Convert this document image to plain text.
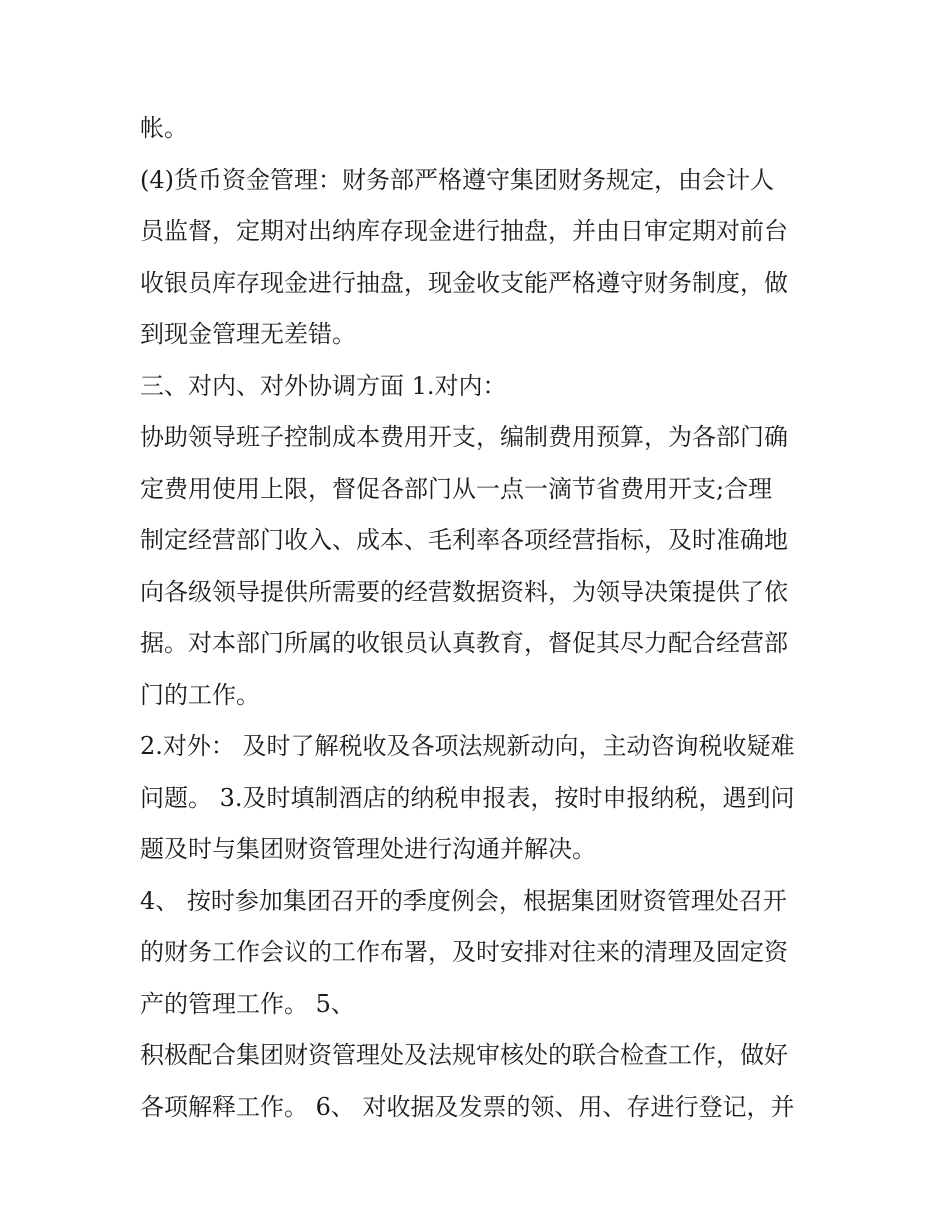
帐。
(4)货币资金管理：财务部严格遵守集团财务规定，由会计人
员监督，定期对出纳库存现金进行抽盘，并由日审定期对前台
收银员库存现金进行抽盘，现金收支能严格遵守财务制度，做
到现金管理无差错。
三、对内、对外协调方面 1.对内：
协助领导班子控制成本费用开支，编制费用预算，为各部门确
定费用使用上限，督促各部门从一点一滴节省费用开支;合理
制定经营部门收入、成本、毛利率各项经营指标，及时准确地
向各级领导提供所需要的经营数据资料，为领导决策提供了依
据。对本部门所属的收银员认真教育，督促其尽力配合经营部
门的工作。
2.对外： 及时了解税收及各项法规新动向，主动咨询税收疑难
问题。 3.及时填制酒店的纳税申报表，按时申报纳税，遇到问
题及时与集团财资管理处进行沟通并解决。
4、 按时参加集团召开的季度例会，根据集团财资管理处召开
的财务工作会议的工作布署，及时安排对往来的清理及固定资
产的管理工作。 5、
积极配合集团财资管理处及法规审核处的联合检查工作，做好
各项解释工作。 6、 对收据及发票的领、用、存进行登记，并
